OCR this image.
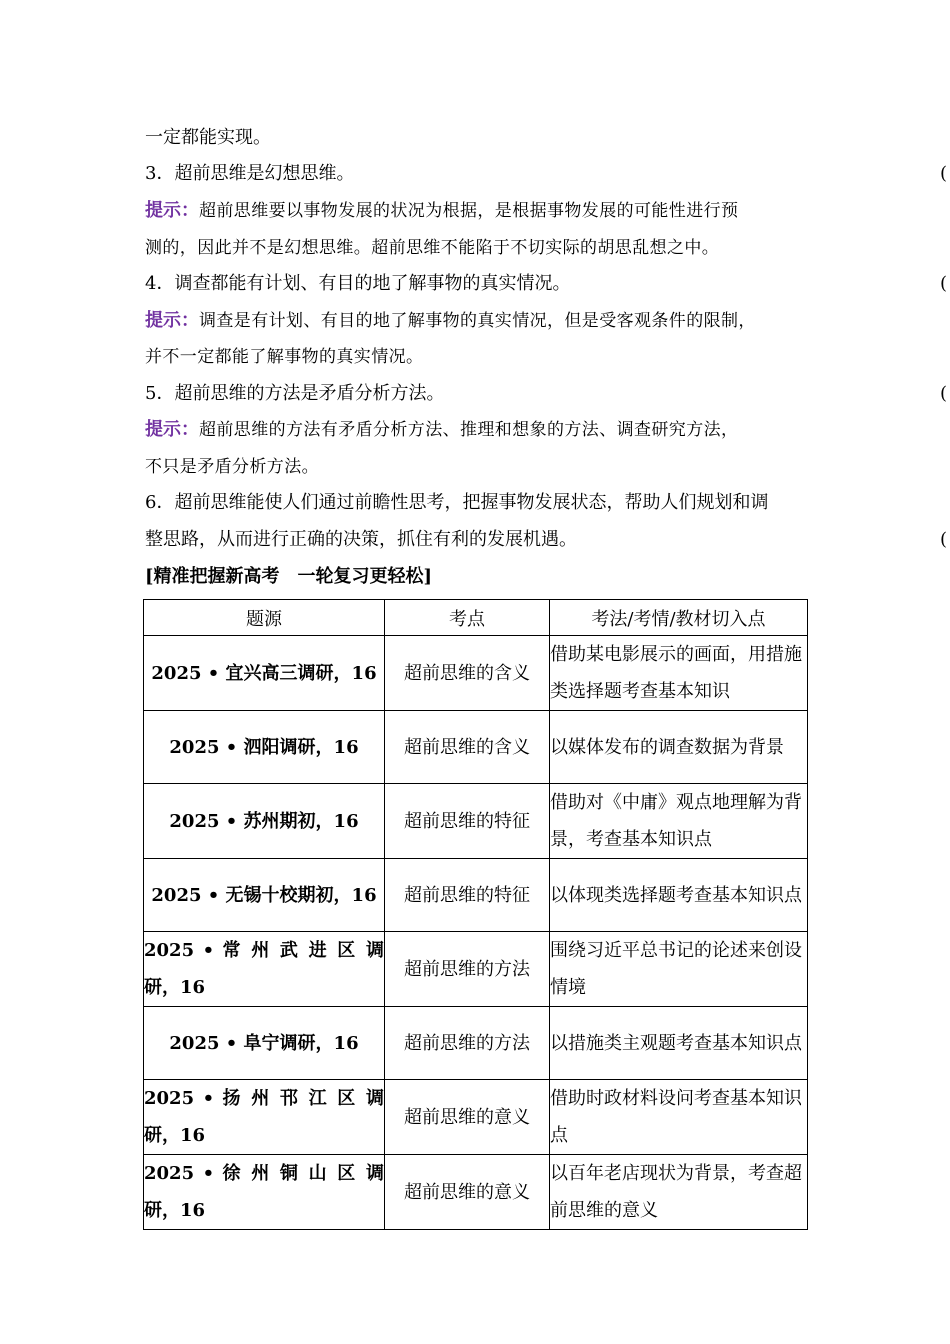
一定都能实现。
3．超前思维是幻想思维。	(
提示：超前思维要以事物发展的状况为根据，是根据事物发展的可能性进行预
测的，因此并不是幻想思维。超前思维不能陷于不切实际的胡思乱想之中。
4．调查都能有计划、有目的地了解事物的真实情况。	(
提示：调查是有计划、有目的地了解事物的真实情况，但是受客观条件的限制，
并不一定都能了解事物的真实情况。
5．超前思维的方法是矛盾分析方法。	(
提示：超前思维的方法有矛盾分析方法、推理和想象的方法、调查研究方法，
不只是矛盾分析方法。
6．超前思维能使人们通过前瞻性思考，把握事物发展状态，帮助人们规划和调
整思路，从而进行正确的决策，抓住有利的发展机遇。	(
[精准把握新高考　一轮复习更轻松]
题源	考点	考法/考情/教材切入点
2025 • 宜兴高三调研，16	超前思维的含义	借助某电影展示的画面，用措施类选择题考查基本知识
2025 • 泗阳调研，16	超前思维的含义	以媒体发布的调查数据为背景
2025 • 苏州期初，16	超前思维的特征	借助对《中庸》观点地理解为背景，考查基本知识点
2025 • 无锡十校期初，16	超前思维的特征	以体现类选择题考查基本知识点
2025 • 常 州 武 进 区 调
研，16	超前思维的方法	围绕习近平总书记的论述来创设情境
2025 • 阜宁调研，16	超前思维的方法	以措施类主观题考查基本知识点
2025 • 扬 州 邗 江 区 调
研，16	超前思维的意义	借助时政材料设问考查基本知识点
2025 • 徐 州 铜 山 区 调
研，16	超前思维的意义	以百年老店现状为背景，考查超前思维的意义
